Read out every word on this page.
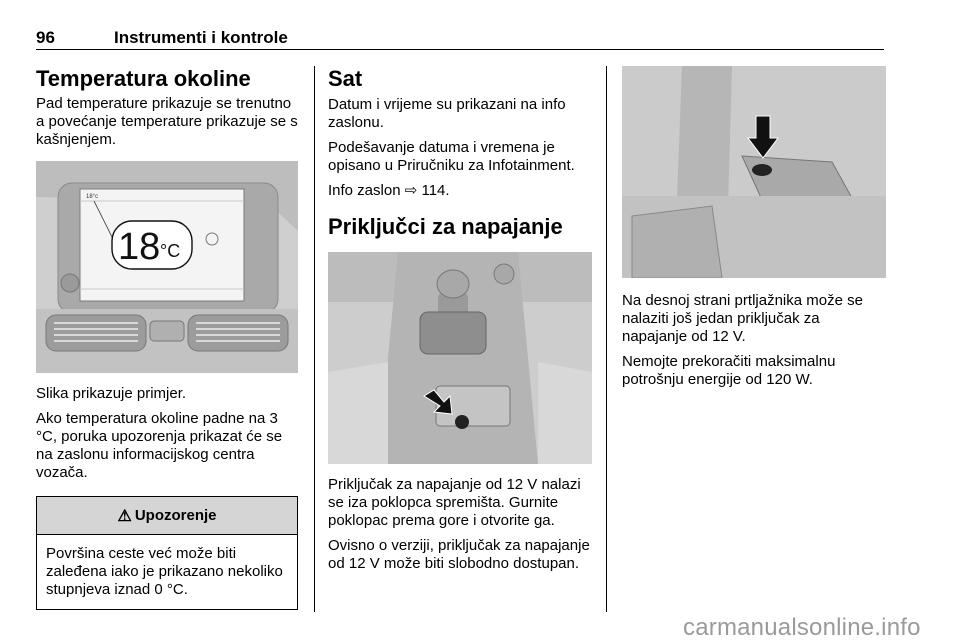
96	Instrumenti i kontrole
Temperatura okoline

Pad temperature prikazuje se trenutno a povećanje temperature prikazuje se s kašnjenjem.

18°c
18 °C

Slika prikazuje primjer.

Ako temperatura okoline padne na 3 °C, poruka upozorenja prikazat će se na zaslonu informacijskog centra vozača.

⚠ Upozorenje
Površina ceste već može biti zaleđena iako je prikazano nekoliko stupnjeva iznad 0 °C.
Sat

Datum i vrijeme su prikazani na info zaslonu.

Podešavanje datuma i vremena je opisano u Priručniku za Infotainment.

Info zaslon ⇨ 114.

Priključci za napajanje

Priključak za napajanje od 12 V nalazi se iza poklopca spremišta. Gurnite poklopac prema gore i otvorite ga.

Ovisno o verziji, priključak za napajanje od 12 V može biti slobodno dostupan.

Na desnoj strani prtljažnika može se nalaziti još jedan priključak za napajanje od 12 V.

Nemojte prekoračiti maksimalnu potrošnju energije od 120 W.

carmanualsonline.info
